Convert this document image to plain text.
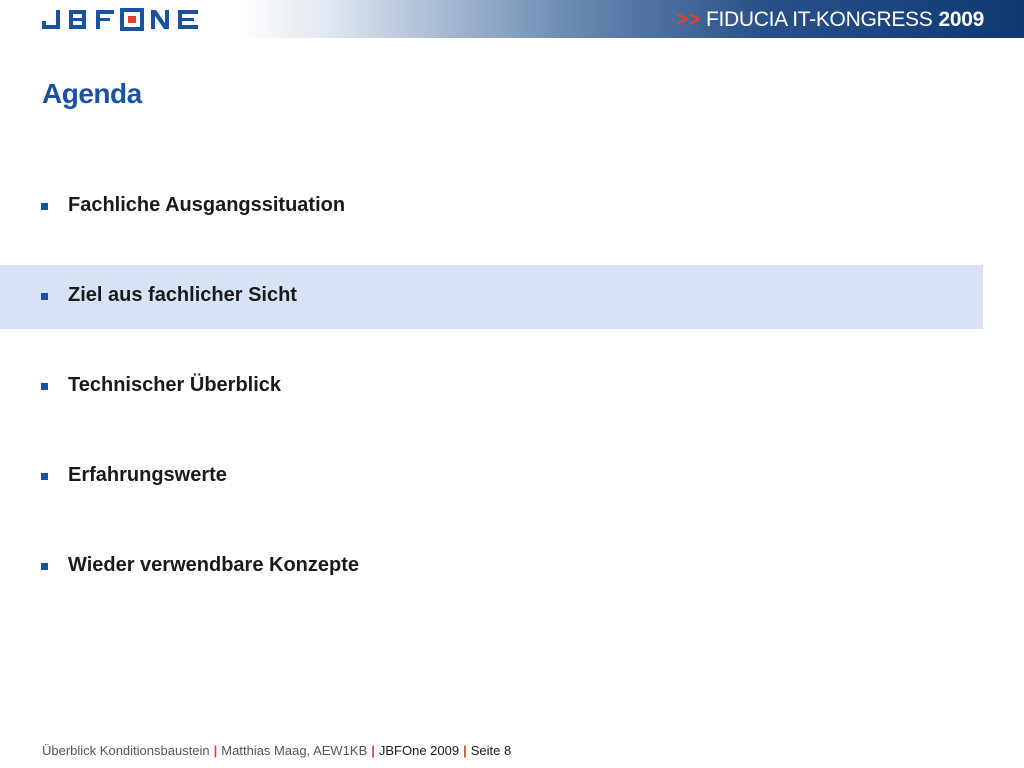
>> FIDUCIA IT-KONGRESS 2009
Agenda
Fachliche Ausgangssituation
Ziel aus fachlicher Sicht
Technischer Überblick
Erfahrungswerte
Wieder verwendbare Konzepte
Überblick Konditionsbaustein | Matthias Maag, AEW1KB | JBFOne 2009 | Seite 8
